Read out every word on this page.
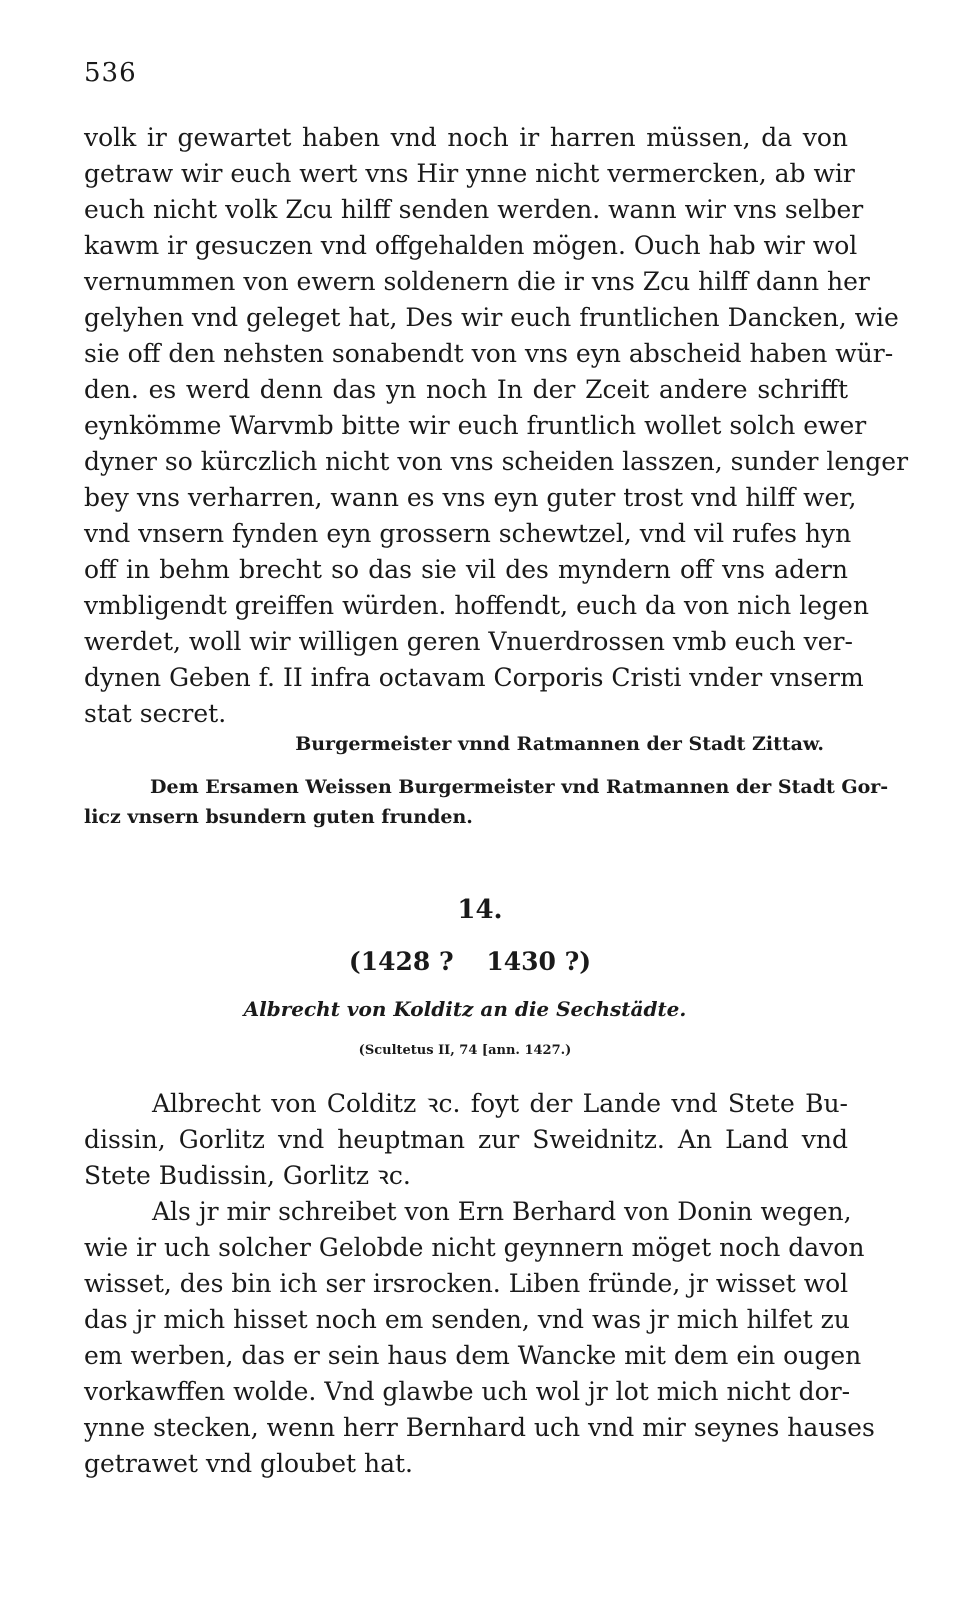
536
volk ir gewartet haben vnd noch ir harren müssen, da von
getraw wir euch wert vns Hir ynne nicht vermercken, ab wir
euch nicht volk Zcu hilff senden werden. wann wir vns selber
kawm ir gesuczen vnd offgehalden mögen. Ouch hab wir wol
vernummen von ewern soldenern die ir vns Zcu hilff dann her
gelyhen vnd geleget hat, Des wir euch fruntlichen Dancken, wie
sie off den nehsten sonabendt von vns eyn abscheid haben wür-
den. es werd denn das yn noch In der Zceit andere schrifft
eynkömme Warvmb bitte wir euch fruntlich wollet solch ewer
dyner so kürczlich nicht von vns scheiden lasszen, sunder lenger
bey vns verharren, wann es vns eyn guter trost vnd hilff wer,
vnd vnsern fynden eyn grossern schewtzel, vnd vil rufes hyn
off in behm brecht so das sie vil des myndern off vns adern
vmbligendt greiffen würden. hoffendt, euch da von nich legen
werdet, woll wir willigen geren Vnuerdrossen vmb euch ver-
dynen Geben f. II infra octavam Corporis Cristi vnder vnserm
stat secret.
Burgermeister vnnd Ratmannen der Stadt Zittaw.
Dem Ersamen Weissen Burgermeister vnd Ratmannen der Stadt Gor-
licz vnsern bsundern guten frunden.
14.
(1428 ? 1430 ?)
Albrecht von Kolditz an die Sechstädte.
(Scultetus II, 74 [ann. 1427.)
Albrecht von Colditz ꝛc. foyt der Lande vnd Stete Bu-
dissin, Gorlitz vnd heuptman zur Sweidnitz. An Land vnd
Stete Budissin, Gorlitz ꝛc.
Als jr mir schreibet von Ern Berhard von Donin wegen,
wie ir uch solcher Gelobde nicht geynnern möget noch davon
wisset, des bin ich ser irsrocken. Liben fründe, jr wisset wol
das jr mich hisset noch em senden, vnd was jr mich hilfet zu
em werben, das er sein haus dem Wancke mit dem ein ougen
vorkawffen wolde. Vnd glawbe uch wol jr lot mich nicht dor-
ynne stecken, wenn herr Bernhard uch vnd mir seynes hauses
getrawet vnd gloubet hat.
